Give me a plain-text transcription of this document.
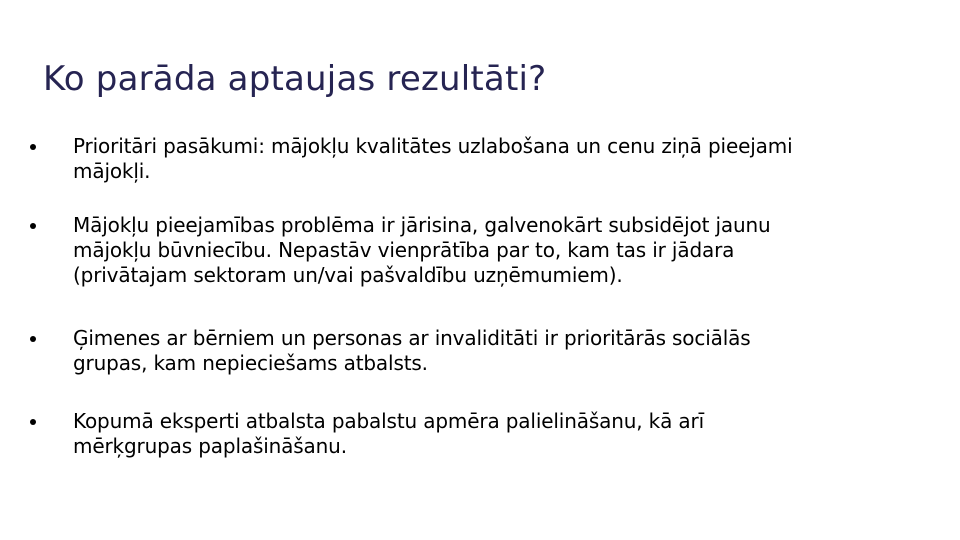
Ko parāda aptaujas rezultāti?

Prioritāri pasākumi: mājokļu kvalitātes uzlabošana un cenu ziņā pieejami
mājokļi.

Mājokļu pieejamības problēma ir jārisina, galvenokārt subsidējot jaunu
mājokļu būvniecību. Nepastāv vienprātība par to, kam tas ir jādara
(privātajam sektoram un/vai pašvaldību uzņēmumiem).

Ģimenes ar bērniem un personas ar invaliditāti ir prioritārās sociālās
grupas, kam nepieciešams atbalsts.

Kopumā eksperti atbalsta pabalstu apmēra palielināšanu, kā arī
mērķgrupas paplašināšanu.
